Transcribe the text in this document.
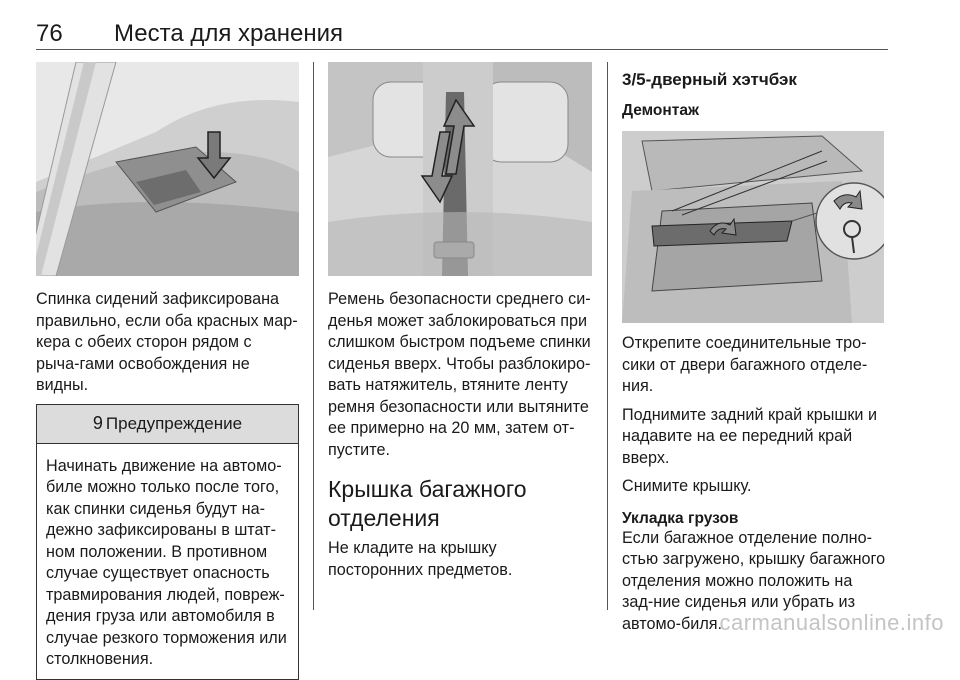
76 Места для хранения

Спинка сидений зафиксирована правильно, если оба красных мар-кера с обеих сторон рядом с рыча-гами освобождения не видны.

9 Предупреждение
Начинать движение на автомо-биле можно только после того, как спинки сиденья будут на-дежно зафиксированы в штат-ном положении. В противном случае существует опасность травмирования людей, повреж-дения груза или автомобиля в случае резкого торможения или столкновения.

Ремень безопасности среднего си-денья может заблокироваться при слишком быстром подъеме спинки сиденья вверх. Чтобы разблокиро-вать натяжитель, втяните ленту ремня безопасности или вытяните ее примерно на 20 мм, затем от-пустите.

Крышка багажного отделения

Не кладите на крышку посторонних предметов.

3/5-дверный хэтчбэк
Демонтаж

Открепите соединительные тро-сики от двери багажного отделе-ния.

Поднимите задний край крышки и надавите на ее передний край вверх.

Снимите крышку.

Укладка грузов

Если багажное отделение полно-стью загружено, крышку багажного отделения можно положить на зад-ние сиденья или убрать из автомо-биля.

carmanualsonline.info
